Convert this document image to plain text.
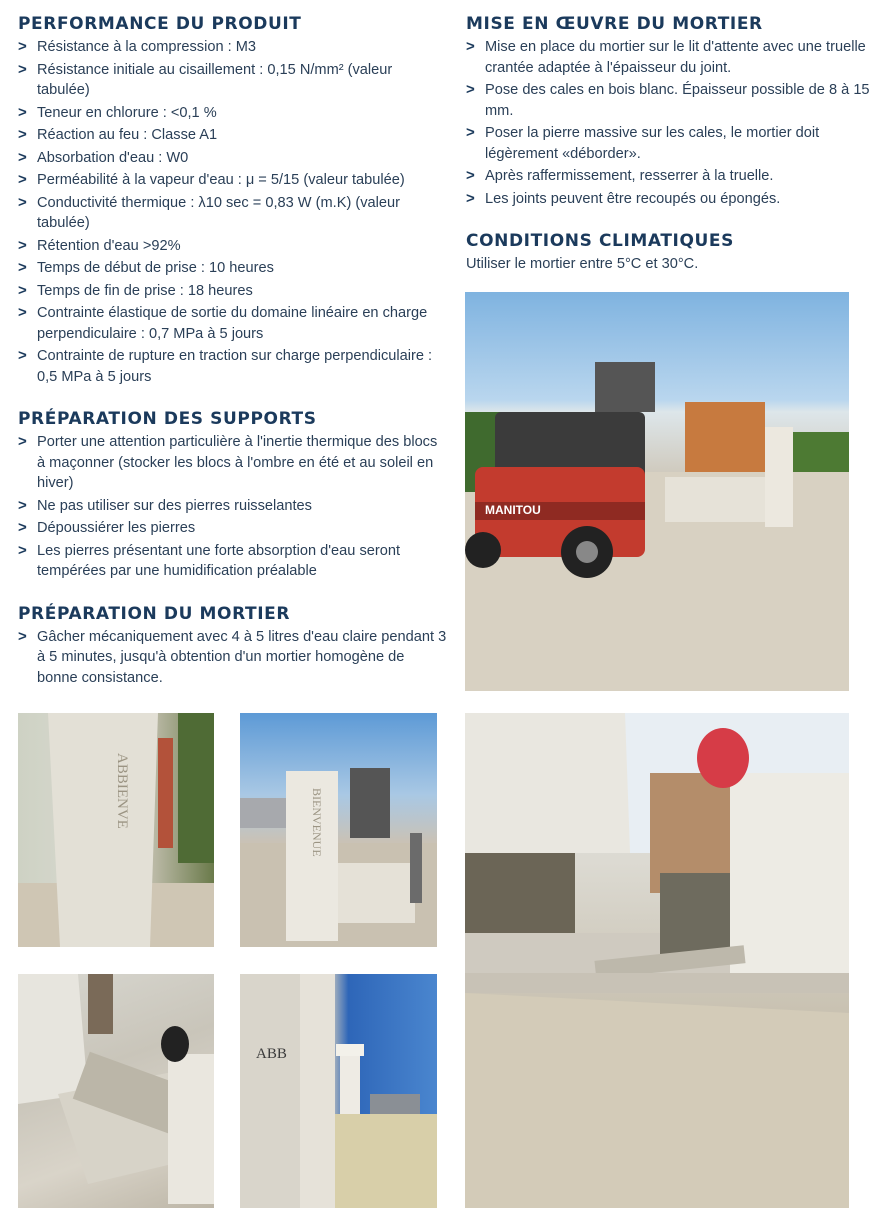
PERFORMANCE DU PRODUIT
> Résistance à la compression : M3
> Résistance initiale au cisaillement : 0,15 N/mm² (valeur tabulée)
> Teneur en chlorure : <0,1 %
> Réaction au feu : Classe A1
> Absorbation d'eau : W0
> Perméabilité à la vapeur d'eau : μ = 5/15 (valeur tabulée)
> Conductivité thermique : λ10 sec = 0,83 W (m.K) (valeur tabulée)
> Rétention d'eau >92%
> Temps de début de prise : 10 heures
> Temps de fin de prise : 18 heures
> Contrainte élastique de sortie du domaine linéaire en charge perpendiculaire : 0,7 MPa à 5 jours
> Contrainte de rupture en traction sur charge perpendiculaire : 0,5 MPa à 5 jours
PRÉPARATION DES SUPPORTS
> Porter une attention particulière à l'inertie thermique des blocs à maçonner (stocker les blocs à l'ombre en été et au soleil en hiver)
> Ne pas utiliser sur des pierres ruisselantes
> Dépoussiérer les pierres
> Les pierres présentant une forte absorption d'eau seront tempérées par une humidification préalable
PRÉPARATION DU MORTIER
> Gâcher mécaniquement avec 4 à 5 litres d'eau claire pendant 3 à 5 minutes, jusqu'à obtention d'un mortier homogène de bonne consistance.
MISE EN ŒUVRE DU MORTIER
> Mise en place du mortier sur le lit d'attente avec une truelle crantée adaptée à l'épaisseur du joint.
> Pose des cales en bois blanc. Épaisseur possible de 8 à 15 mm.
> Poser la pierre massive sur les cales, le mortier doit légèrement «déborder».
> Après raffermissement, resserrer à la truelle.
> Les joints peuvent être recoupés ou épongés.
CONDITIONS CLIMATIQUES

Utiliser le mortier entre 5°C et 30°C.

MANITOU
ABBIENVE	BIENVENUE
ABB
